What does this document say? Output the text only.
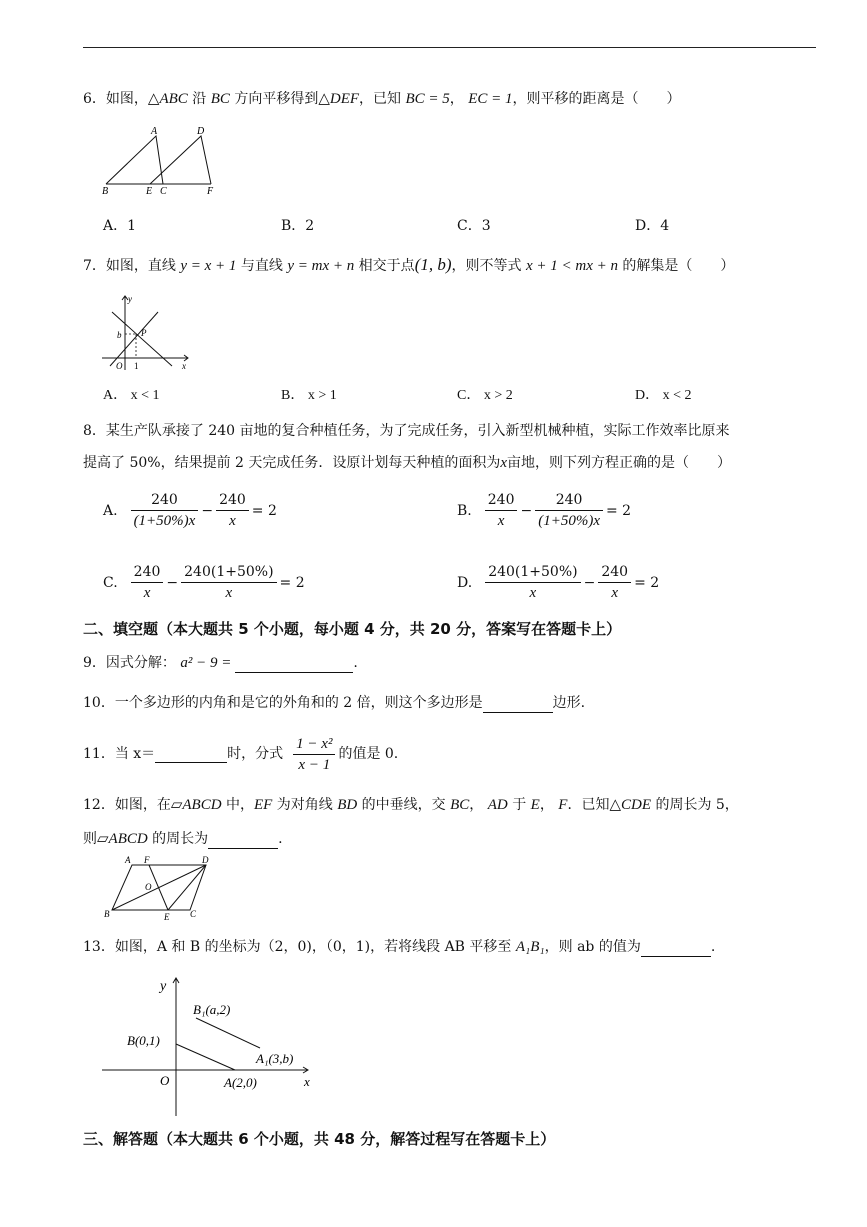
6．如图，△ABC 沿 BC 方向平移得到△DEF，已知 BC = 5， EC = 1，则平移的距离是（　　）
A	D
B	E C	F
A．1	B．2	C．3	D．4
7．如图，直线 y = x + 1 与直线 y = mx + n 相交于点(1, b)，则不等式 x + 1 < mx + n 的解集是（　　）
y
b P
O 1	x
A． x < 1	B． x > 1	C． x > 2	D． x < 2
8．某生产队承接了 240 亩地的复合种植任务，为了完成任务，引入新型机械种植，实际工作效率比原来
提高了 50%，结果提前 2 天完成任务．设原计划每天种植的面积为x亩地，则下列方程正确的是（　　）
A. $\frac{240}{(1+50\%)x} - \frac{240}{x} = 2$	B. $\frac{240}{x} - \frac{240}{(1+50\%)x} = 2$
C. $\frac{240}{x} - \frac{240(1+50\%)}{x} = 2$	D. $\frac{240(1+50\%)}{x} - \frac{240}{x} = 2$
二、填空题（本大题共 5 个小题，每小题 4 分，共 20 分，答案写在答题卡上）
9．因式分解： a² − 9 =	.
10．一个多边形的内角和是它的外角和的 2 倍，则这个多边形是	边形.
11．当 x＝	时，分式 $\frac{\text{1 − x²}}{x - 1}$ 的值是 0.
12．如图，在▱ABCD 中，EF 为对角线 BD 的中垂线，交 BC， AD 于 E， F．已知△CDE 的周长为 5，
则▱ABCD 的周长为	.
A F	D
O
B	E C
13．如图，A 和 B 的坐标为（2，0)，（0，1)，若将线段 AB 平移至 A₁B₁，则 ab 的值为	.
y
B₁(a,2)
B(0,1)
A₁(3,b)
O	A(2,0)	x
三、解答题（本大题共 6 个小题，共 48 分，解答过程写在答题卡上）
